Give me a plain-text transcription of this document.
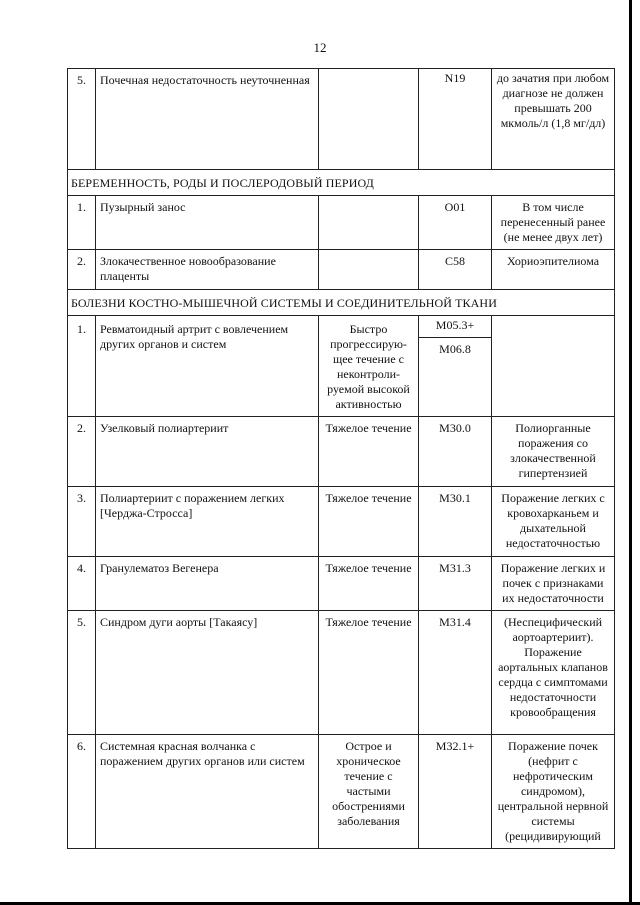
12
5.	Почечная недостаточность неуточненная		N19	до зачатия при любом диагнозе не должен превышать 200 мкмоль/л (1,8 мг/дл)
БЕРЕМЕННОСТЬ, РОДЫ И ПОСЛЕРОДОВЫЙ ПЕРИОД				
1.	Пузырный занос		O01	В том числе перенесенный ранее (не менее двух лет)
2.	Злокачественное новообразование плаценты		C58	Хориоэпителиома
БОЛЕЗНИ КОСТНО-МЫШЕЧНОЙ СИСТЕМЫ И СОЕДИНИТЕЛЬНОЙ ТКАНИ				
1.	Ревматоидный артрит с вовлечением других органов и систем	Быстро прогрессирую- щее течение с неконтроли- руемой высокой активностью	M05.3+
M06.8	

2.	Узелковый полиартериит	Тяжелое течение	M30.0	Полиорганные поражения со злокачественной гипертензией
3.	Полиартериит с поражением легких [Черджа-Стросса]	Тяжелое течение	M30.1	Поражение легких с кровохарканьем и дыхательной недостаточностью
4.	Гранулематоз Вегенера	Тяжелое течение	M31.3	Поражение легких и почек с признаками их недостаточности
5.	Синдром дуги аорты [Такаясу]	Тяжелое течение	M31.4	(Неспецифический аортоартериит). Поражение аортальных клапанов сердца с симптомами недостаточности кровообращения
6.	Системная красная волчанка с поражением других органов или систем	Острое и хроническое течение с частыми обострениями заболевания	M32.1+	Поражение почек (нефрит с нефротическим синдромом), центральной нервной системы (рецидивирующий
